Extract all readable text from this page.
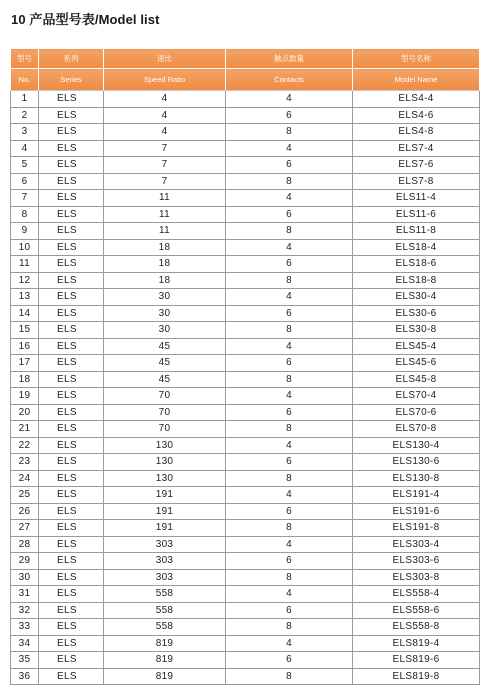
10 产品型号表/Model list
型号	系列	速比	触点数量	型号名称
No.	Series	Speed Ratio	Contacts	Model Name
1	ELS	4	4	ELS4-4
2	ELS	4	6	ELS4-6
3	ELS	4	8	ELS4-8
4	ELS	7	4	ELS7-4
5	ELS	7	6	ELS7-6
6	ELS	7	8	ELS7-8
7	ELS	11	4	ELS11-4
8	ELS	11	6	ELS11-6
9	ELS	11	8	ELS11-8
10	ELS	18	4	ELS18-4
11	ELS	18	6	ELS18-6
12	ELS	18	8	ELS18-8
13	ELS	30	4	ELS30-4
14	ELS	30	6	ELS30-6
15	ELS	30	8	ELS30-8
16	ELS	45	4	ELS45-4
17	ELS	45	6	ELS45-6
18	ELS	45	8	ELS45-8
19	ELS	70	4	ELS70-4
20	ELS	70	6	ELS70-6
21	ELS	70	8	ELS70-8
22	ELS	130	4	ELS130-4
23	ELS	130	6	ELS130-6
24	ELS	130	8	ELS130-8
25	ELS	191	4	ELS191-4
26	ELS	191	6	ELS191-6
27	ELS	191	8	ELS191-8
28	ELS	303	4	ELS303-4
29	ELS	303	6	ELS303-6
30	ELS	303	8	ELS303-8
31	ELS	558	4	ELS558-4
32	ELS	558	6	ELS558-6
33	ELS	558	8	ELS558-8
34	ELS	819	4	ELS819-4
35	ELS	819	6	ELS819-6
36	ELS	819	8	ELS819-8
